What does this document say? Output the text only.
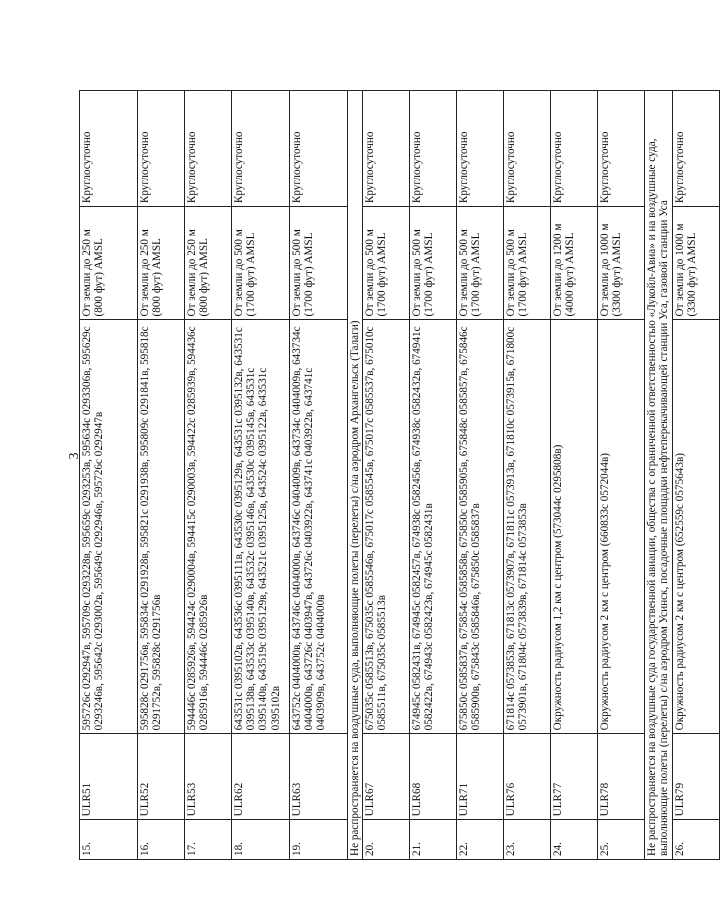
3
15.	ULR51	595726с 0292947в, 595709с 0293228в, 595659с 0293253в, 595634с 0293306в, 595629с 0293246в, 595642с 0293002в, 595649с 0292946в, 595726с 0292947в	От земли до 250 м (800 фут) AMSL	Круглосуточно
16.	ULR52	595828с 0291756в, 595834с 0291928в, 595821с 0291938в, 595809с 0291841в, 595818с 0291752в, 595828с 0291756в	От земли до 250 м (800 фут) AMSL	Круглосуточно
17.	ULR53	594446с 0285926в, 594424с 0290004в, 594415с 0290003в, 594422с 0285939в, 594436с 0285916в, 594446с 0285926в	От земли до 250 м (800 фут) AMSL	Круглосуточно
18.	ULR62	643531с 0395102в, 643536с 0395111в, 643530с 0395129в, 643531с 0395132в, 643531с 0395138в, 643533с 0395140в, 643532с 0395146в, 643530с 0395145в, 643531с 0395140в, 643519с 0395129в, 643521с 0395125в, 643524с 0395122в, 643531с 0395102в	От земли до 500 м (1700 фут) AMSL	Круглосуточно
19.	ULR63	643752с 0404000в, 643746с 0404000в, 643746с 0404009в, 643734с 0404009в, 643734с 0404000в, 643726с 0403947в, 643726с 0403922в, 643741с 0403922в, 643741с 0403909в, 643752с 0404000в	От земли до 500 м (1700 фут) AMSL	Круглосуточно
Не распространяется на воздушные суда, выполняющие полеты (перелеты) с/на аэродром Архангельск (Талаги)				
20.	ULR67	675035с 0585513в, 675035с 0585546в, 675017с 0585545в, 675017с 0585537в, 675010с 0585511в, 675035с 0585513в	От земли до 500 м (1700 фут) AMSL	Круглосуточно
21.	ULR68	674945с 0582431в, 674945с 0582457в, 674938с 0582456в, 674938с 0582432в, 674941с 0582422в, 674943с 0582423в, 674945с 0582431в	От земли до 500 м (1700 фут) AMSL	Круглосуточно
22.	ULR71	675850с 0585837в, 675854с 0585858в, 675850с 0585905в, 675848с 0585857в, 675846с 0585900в, 675843с 0585846в, 675850с 0585837в	От земли до 500 м (1700 фут) AMSL	Круглосуточно
23.	ULR76	671814с 0573853в, 671813с 0573907в, 671811с 0573913в, 671810с 0573915в, 671800с 0573901в, 671804с 0573839в, 671814с 0573853в	От земли до 500 м (1700 фут) AMSL	Круглосуточно
24.	ULR77	Окружность радиусом 1,2 км с центром (573044с 0295808в)	От земли до 1200 м (4000 фут) AMSL	Круглосуточно
25.	ULR78	Окружность радиусом 2 км с центром (660833с 0572044в)	От земли до 1000 м (3300 фут) AMSL	Круглосуточно
Не распространяется на воздушные суда государственной авиации, общества с ограниченной ответственностью «Лукойл-Авиа» и на воздушные суда, выполняющие полеты (перелеты) с/на аэродром Усинск, посадочные площадки нефтеперекачивающей станции Уса, газовой станции Уса				
26.	ULR79	Окружность радиусом 2 км с центром (652559с 0575643в)	От земли до 1000 м (3300 фут) AMSL	Круглосуточно
